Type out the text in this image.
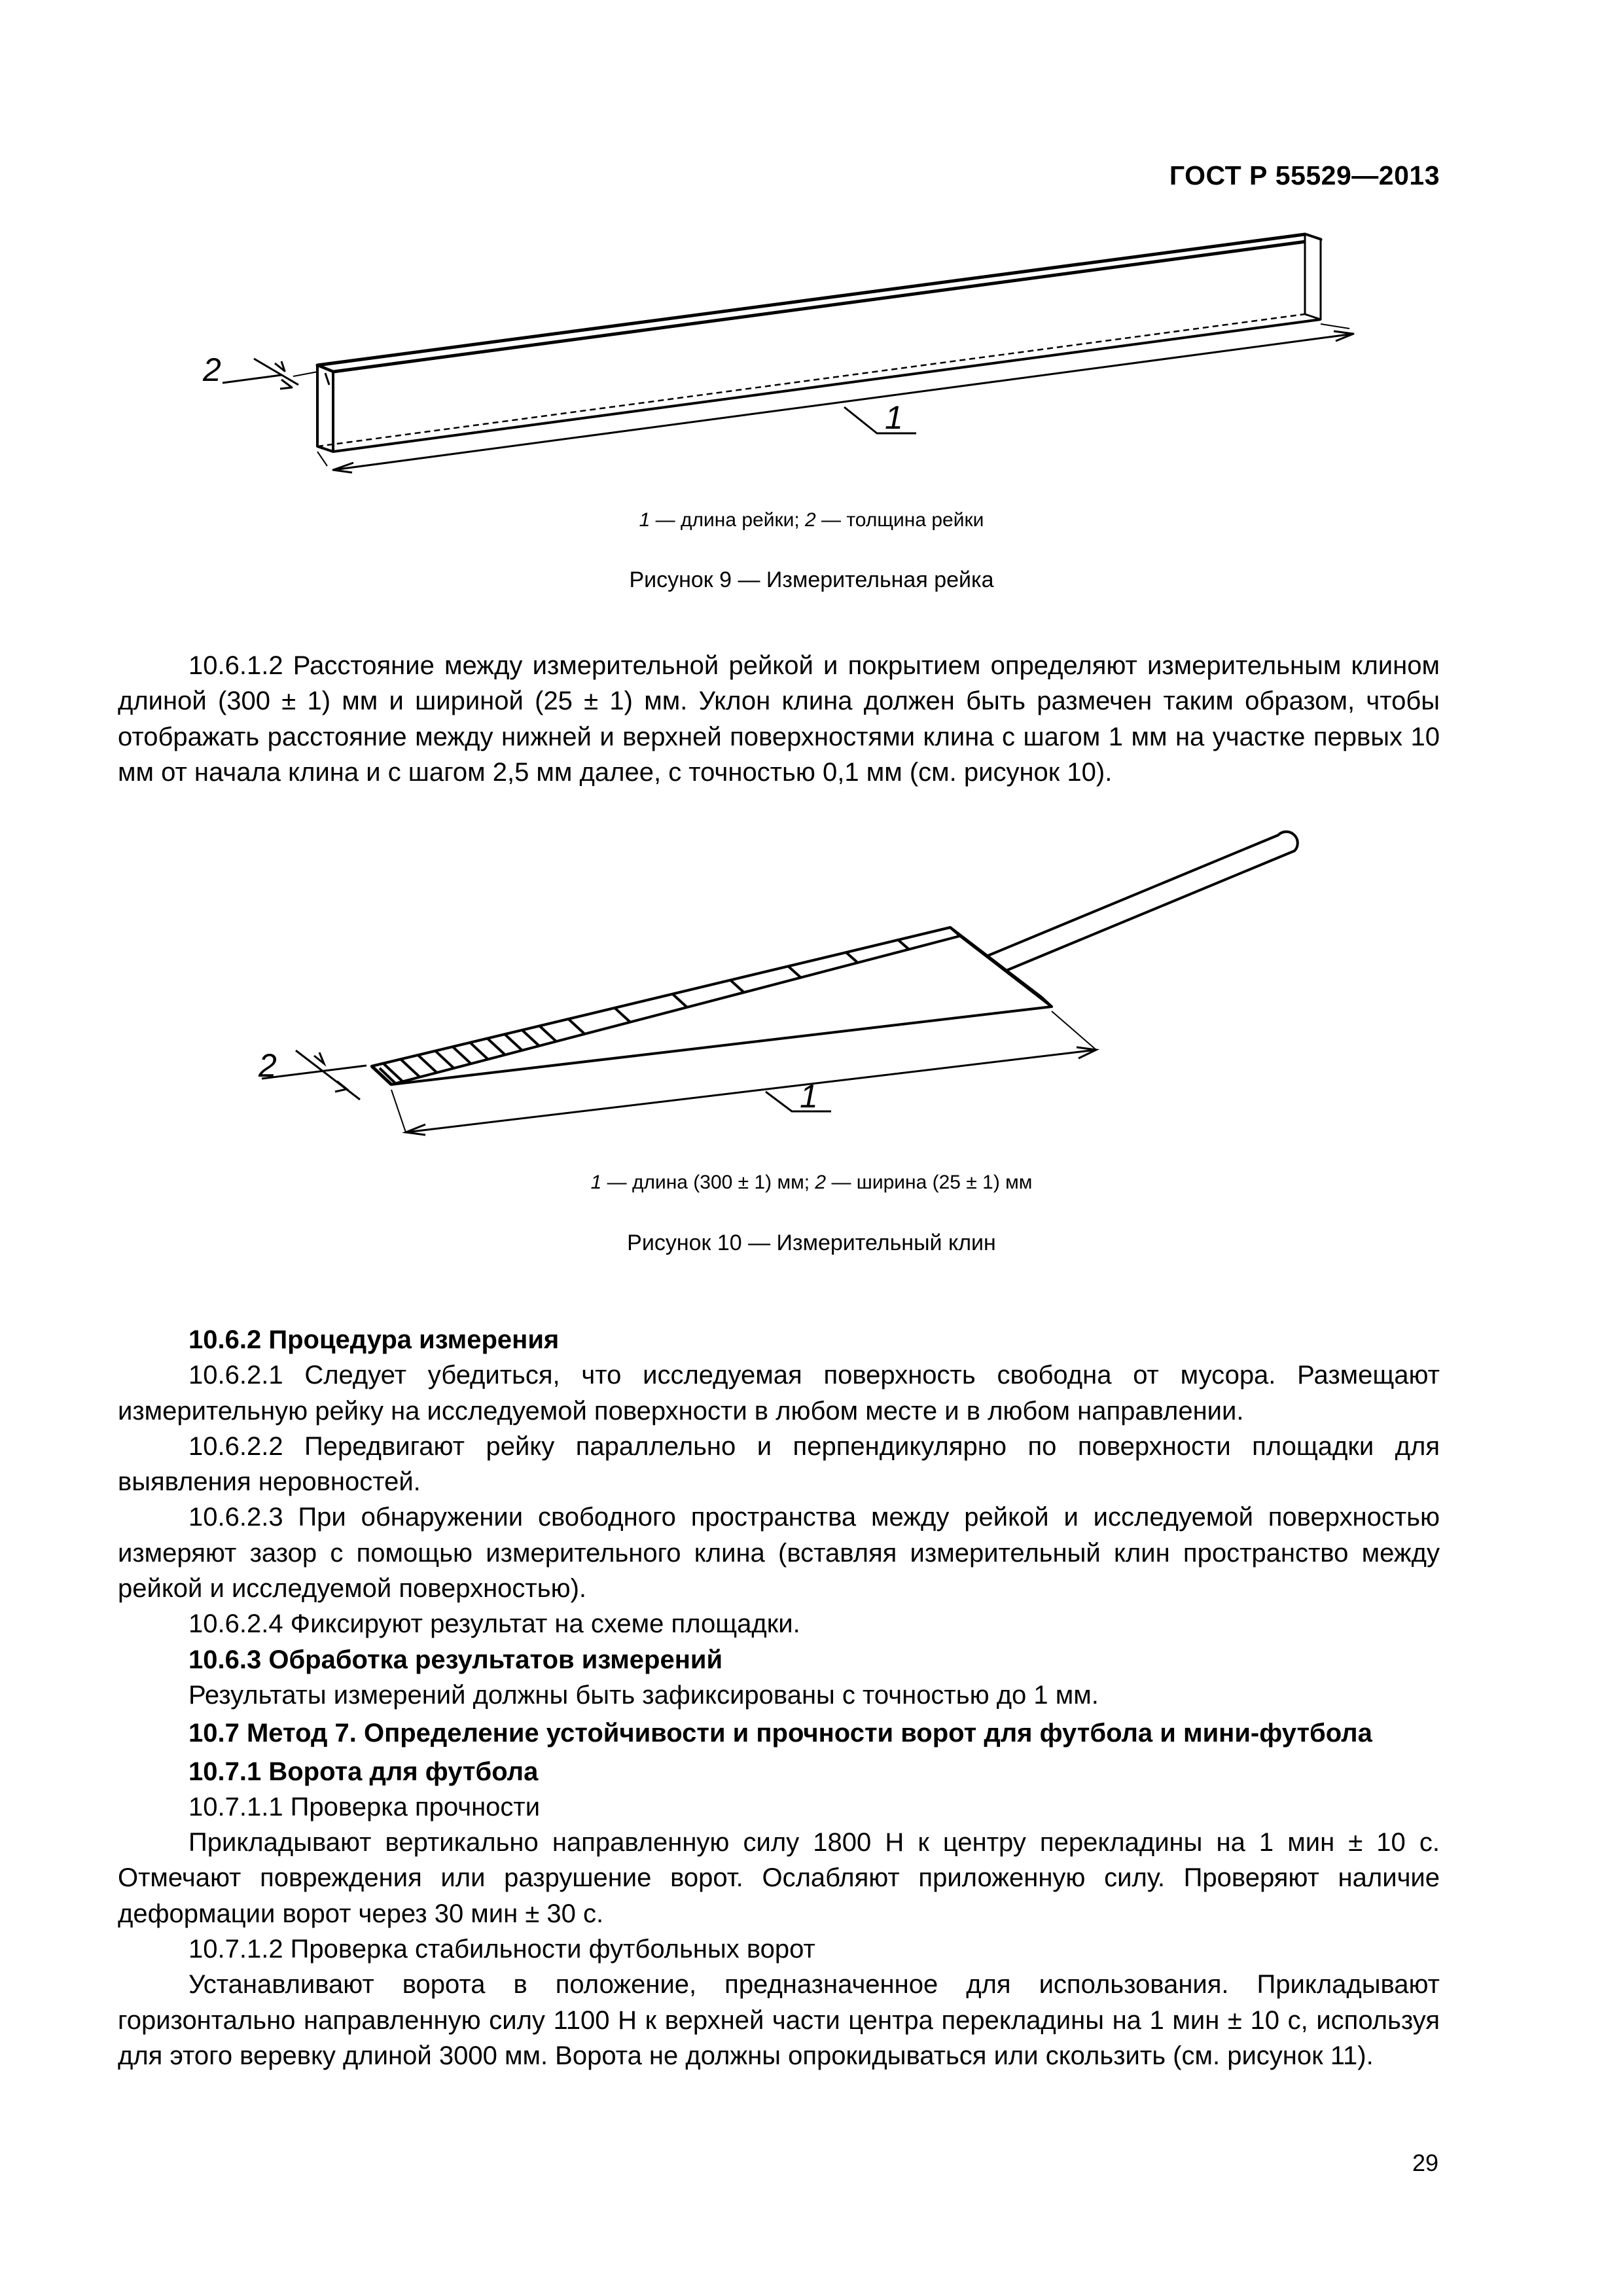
ГОСТ Р 55529—2013
1
2
1 — длина рейки; 2 — толщина рейки
Рисунок 9 — Измерительная рейка

10.6.1.2 Расстояние между измерительной рейкой и покрытием определяют измерительным клином длиной (300 ± 1) мм и шириной (25 ± 1) мм. Уклон клина должен быть размечен таким образом, чтобы отображать расстояние между нижней и верхней поверхностями клина с шагом 1 мм на участке первых 10 мм от начала клина и с шагом 2,5 мм далее, с точностью 0,1 мм (см. рисунок 10).

1
2
1 — длина (300 ± 1) мм; 2 — ширина (25 ± 1) мм
Рисунок 10 — Измерительный клин

10.6.2 Процедура измерения

10.6.2.1 Следует убедиться, что исследуемая поверхность свободна от мусора. Размещают измерительную рейку на исследуемой поверхности в любом месте и в любом направлении.

10.6.2.2 Передвигают рейку параллельно и перпендикулярно по поверхности площадки для выявления неровностей.

10.6.2.3 При обнаружении свободного пространства между рейкой и исследуемой поверхностью измеряют зазор с помощью измерительного клина (вставляя измерительный клин пространство между рейкой и исследуемой поверхностью).

10.6.2.4 Фиксируют результат на схеме площадки.

10.6.3 Обработка результатов измерений

Результаты измерений должны быть зафиксированы с точностью до 1 мм.

10.7 Метод 7. Определение устойчивости и прочности ворот для футбола и мини-футбола

10.7.1 Ворота для футбола

10.7.1.1 Проверка прочности

Прикладывают вертикально направленную силу 1800 Н к центру перекладины на 1 мин ± 10 с. Отмечают повреждения или разрушение ворот. Ослабляют приложенную силу. Проверяют наличие деформации ворот через 30 мин ± 30 с.

10.7.1.2 Проверка стабильности футбольных ворот

Устанавливают ворота в положение, предназначенное для использования. Прикладывают горизонтально направленную силу 1100 Н к верхней части центра перекладины на 1 мин ± 10 с, используя для этого веревку длиной 3000 мм. Ворота не должны опрокидываться или скользить (см. рисунок 11).

29
